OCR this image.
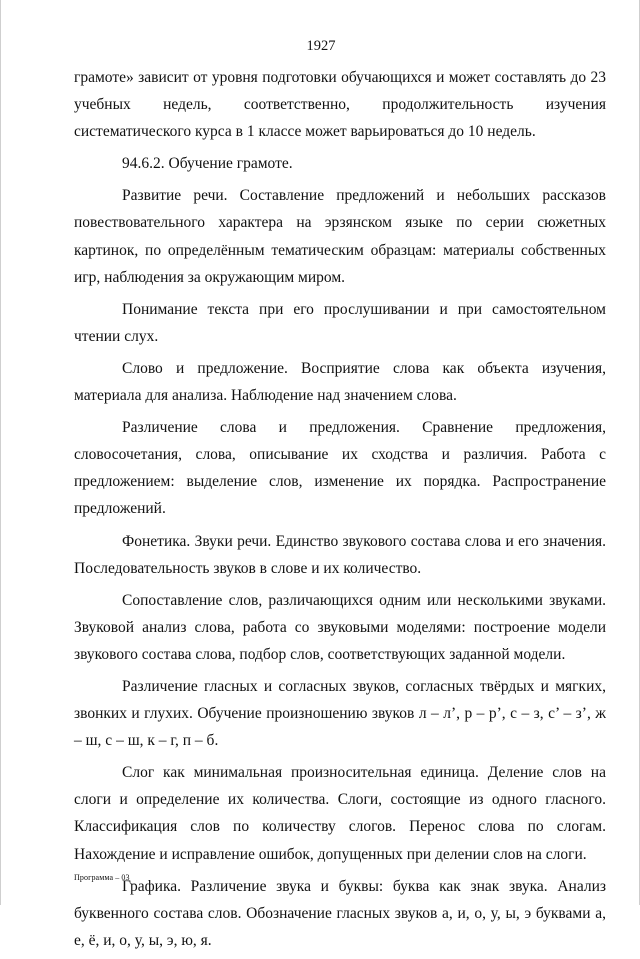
1927

грамоте» зависит от уровня подготовки обучающихся и может составлять до 23 учебных недель, соответственно, продолжительность изучения систематического курса в 1 классе может варьироваться до 10 недель.

94.6.2. Обучение грамоте.

Развитие речи. Составление предложений и небольших рассказов повествовательного характера на эрзянском языке по серии сюжетных картинок, по определённым тематическим образцам: материалы собственных игр, наблюдения за окружающим миром.

Понимание текста при его прослушивании и при самостоятельном чтении слух.

Слово и предложение. Восприятие слова как объекта изучения, материала для анализа. Наблюдение над значением слова.

Различение слова и предложения. Сравнение предложения, словосочетания, слова, описывание их сходства и различия. Работа с предложением: выделение слов, изменение их порядка. Распространение предложений.

Фонетика. Звуки речи. Единство звукового состава слова и его значения. Последовательность звуков в слове и их количество.

Сопоставление слов, различающихся одним или несколькими звуками. Звуковой анализ слова, работа со звуковыми моделями: построение модели звукового состава слова, подбор слов, соответствующих заданной модели.

Различение гласных и согласных звуков, согласных твёрдых и мягких, звонких и глухих. Обучение произношению звуков л – л’, р – р’, с – з, с’ – з’, ж – ш, с – ш, к – г, п – б.

Слог как минимальная произносительная единица. Деление слов на слоги и определение их количества. Слоги, состоящие из одного гласного. Классификация слов по количеству слогов. Перенос слова по слогам. Нахождение и исправление ошибок, допущенных при делении слов на слоги.

Графика. Различение звука и буквы: буква как знак звука. Анализ буквенного состава слов. Обозначение гласных звуков а, и, о, у, ы, э буквами а, е, ё, и, о, у, ы, э, ю, я.

Программа – 03
